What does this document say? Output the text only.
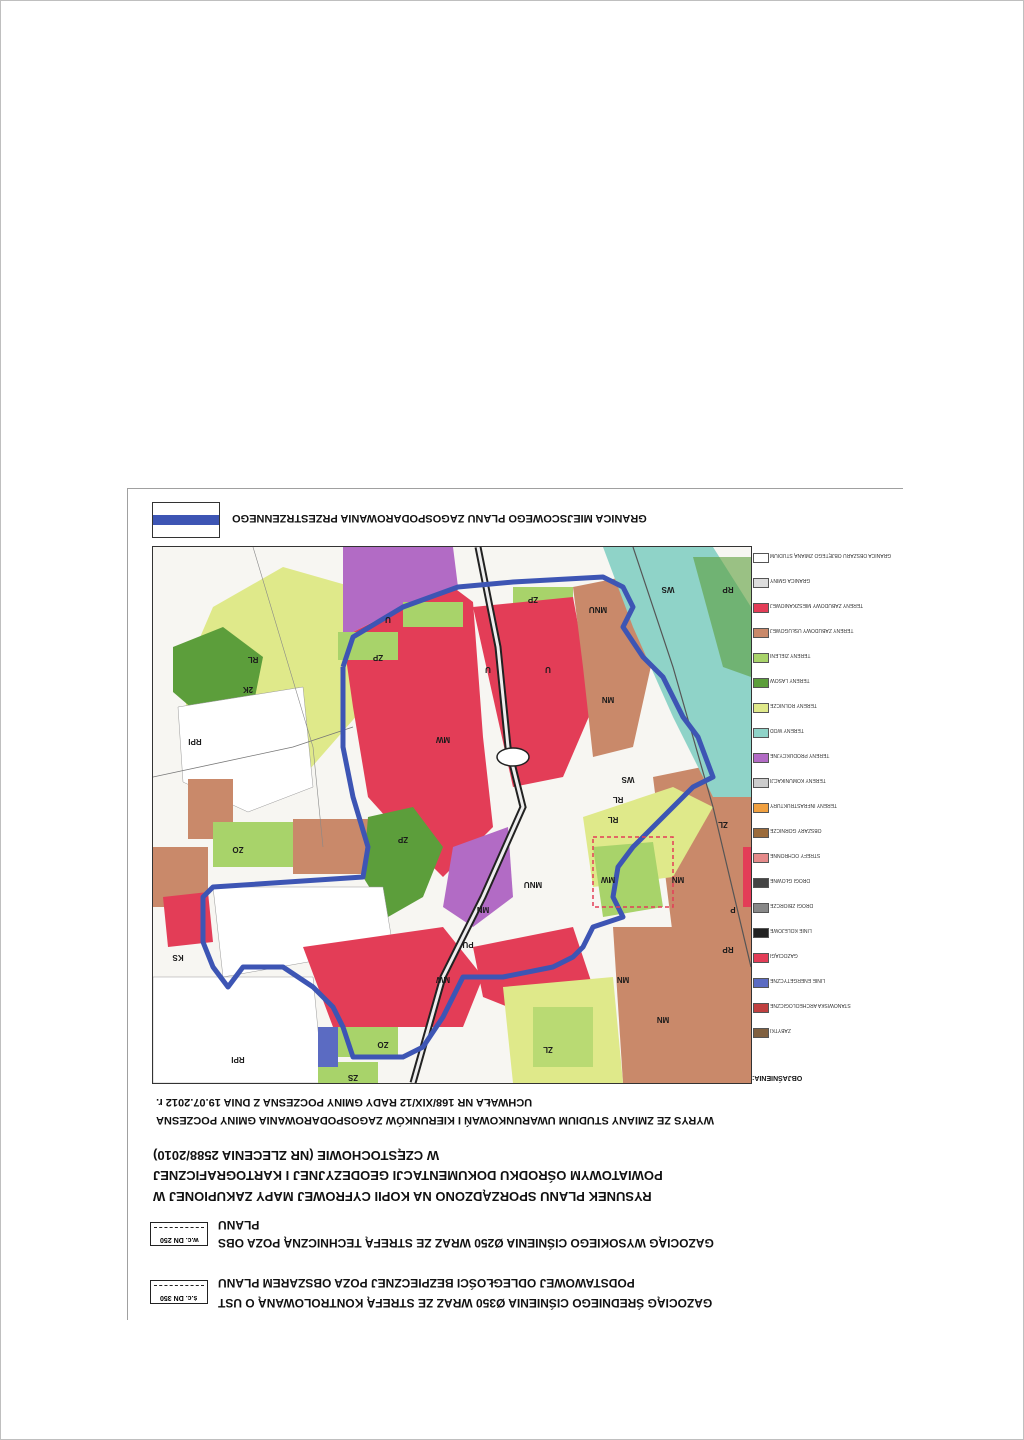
GRANICA MIEJSCOWEGO PLANU ZAGOSPODAROWANIA PRZESTRZENNEGO
RL
2K
RP
RPI
ZP
U
MW
ZP
MN
MNU
RL
WS
ZL
ZO
KS
RP
RPI
ZS
ZL
MN	P
MW
RL
MNU
PU
ZO
U
ZP
U
WS
MN
MW
MN
MN
GRANICA OBSZARU OBJĘTEGO ZMIANĄ STUDIUM
GRANICA GMINY
TERENY ZABUDOWY MIESZKANIOWEJ
TERENY ZABUDOWY USŁUGOWEJ
TERENY ZIELENI
TERENY LASÓW
TERENY ROLNICZE
TERENY WÓD
TERENY PRODUKCYJNE
TERENY KOMUNIKACJI
TERENY INFRASTRUKTURY
OBSZARY GÓRNICZE
STREFY OCHRONNE
DROGI GŁÓWNE
DROGI ZBIORCZE
LINIE KOLEJOWE
GAZOCIĄGI
LINIE ENERGETYCZNE
STANOWISKA ARCHEOLOGICZNE
ZABYTKI
OBJAŚNIENIA:
UCHWAŁA NR 168/XIX/12 RADY GMINY POCZESNA Z DNIA 19.07.2012 r.
WYRYS ZE ZMIANY STUDIUM UWARUNKOWAŃ I KIERUNKÓW ZAGOSPODAROWANIA GMINY POCZESNA
W CZĘSTOCHOWIE (NR ZLECENIA 2588/2010)
POWIATOWYM OŚRODKU DOKUMENTACJI GEODEZYJNEJ I KARTOGRAFICZNEJ
RYSUNEK PLANU SPORZĄDZONO NA KOPII CYFROWEJ MAPY ZAKUPIONEJ W
w.c. DN 250
PLANU
GAZOCIĄG WYSOKIEGO CIŚNIENIA Ø250 WRAZ ZE STREFĄ TECHNICZNĄ POZA OBS
ś.c. DN 350
PODSTAWOWEJ ODLEGŁOŚCI BEZPIECZNEJ POZA OBSZAREM PLANU
GAZOCIĄG ŚREDNIEGO CIŚNIENIA Ø350 WRAZ ZE STREFĄ KONTROLOWANĄ O UST
